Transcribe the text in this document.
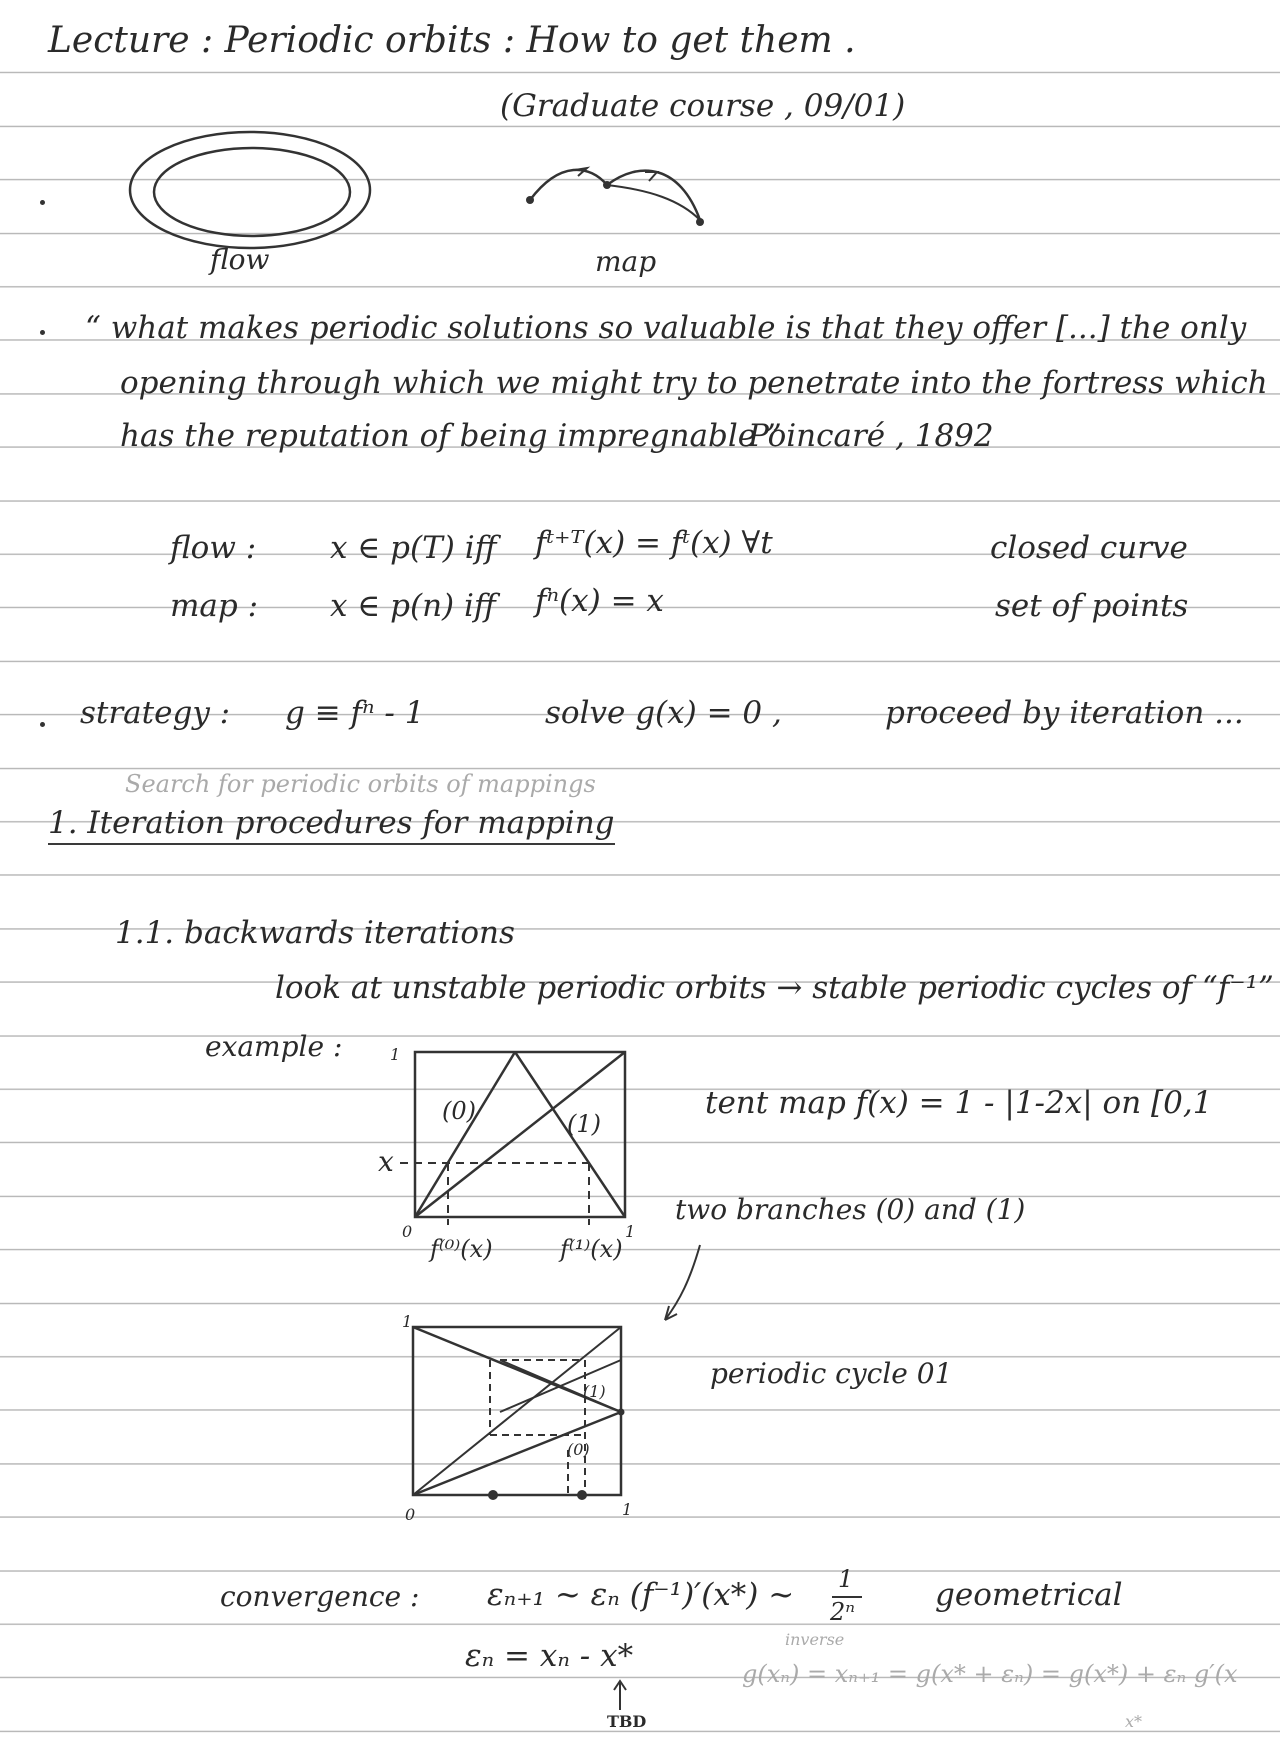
Lecture : Periodic orbits : How to get them .
(Graduate course , 09/01)
flow	map
“ what makes periodic solutions so valuable is that they offer [...] the only
opening through which we might try to penetrate into the fortress which
has the reputation of being impregnable ”
Poincaré , 1892
flow : x ∈ p(T) iff fᵗ⁺ᵀ(x) = fᵗ(x) ∀t	closed curve
map : x ∈ p(n) iff fⁿ(x) = x	set of points
strategy : g ≡ fⁿ - 1	solve g(x) = 0 ,	proceed by iteration ...
Search for periodic orbits of mappings
1. Iteration procedures for mapping
1.1. backwards iterations
look at unstable periodic orbits → stable periodic cycles of “f⁻¹”
example :	1
x
0	1
(0)	(1)
f⁽⁰⁾(x)	f⁽¹⁾(x)
tent map f(x) = 1 - |1-2x| on [0,1
two branches (0) and (1)
1
0	1
(1)
(0)
periodic cycle 01
convergence : εₙ₊₁ ~ εₙ (f⁻¹)′(x*) ~ 1
2ⁿ	geometrical
εₙ = xₙ - x*
TBD
inverse
g(xₙ) = xₙ₊₁ = g(x* + εₙ) = g(x*) + εₙ g′(x
x*
